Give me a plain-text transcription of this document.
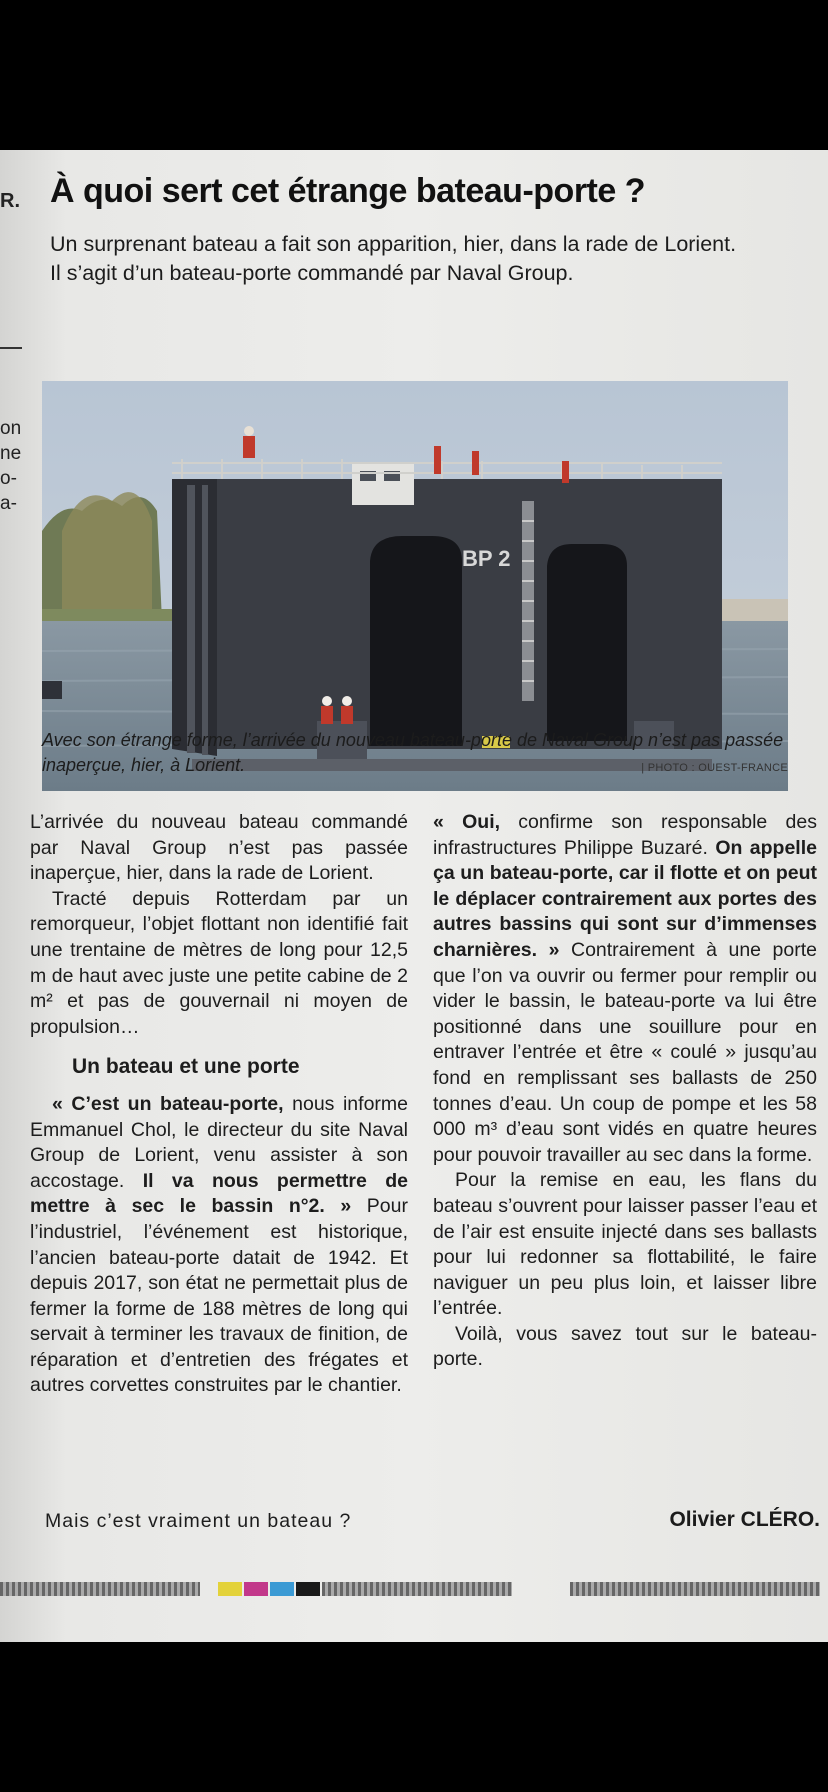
R.
on
ne
o-
a-
À quoi sert cet étrange bateau-porte ?

Un surprenant bateau a fait son apparition, hier, dans la rade de Lorient. Il s’agit d’un bateau-porte commandé par Naval Group.

BP 2
Avec son étrange forme, l’arrivée du nouveau bateau-porte de Naval Group n’est pas passée inaperçue, hier, à Lorient.	| PHOTO : OUEST-FRANCE

L’arrivée du nouveau bateau commandé par Naval Group n’est pas passée inaperçue, hier, dans la rade de Lorient.

Tracté depuis Rotterdam par un remorqueur, l’objet flottant non identifié fait une trentaine de mètres de long pour 12,5 m de haut avec juste une petite cabine de 2 m² et pas de gouvernail ni moyen de propulsion…

Un bateau et une porte

« C’est un bateau-porte, nous informe Emmanuel Chol, le directeur du site Naval Group de Lorient, venu assister à son accostage. Il va nous permettre de mettre à sec le bassin n°2. » Pour l’industriel, l’événement est historique, l’ancien bateau-porte datait de 1942. Et depuis 2017, son état ne permettait plus de fermer la forme de 188 mètres de long qui servait à terminer les travaux de finition, de réparation et d’entretien des frégates et autres corvettes construites par le chantier.

Mais c’est vraiment un bateau ?

« Oui, confirme son responsable des infrastructures Philippe Buzaré. On appelle ça un bateau-porte, car il flotte et on peut le déplacer contrairement aux portes des autres bassins qui sont sur d’immenses charnières. » Contrairement à une porte que l’on va ouvrir ou fermer pour remplir ou vider le bassin, le bateau-porte va lui être positionné dans une souillure pour en entraver l’entrée et être « coulé » jusqu’au fond en remplissant ses ballasts de 250 tonnes d’eau. Un coup de pompe et les 58 000 m³ d’eau sont vidés en quatre heures pour pouvoir travailler au sec dans la forme.

Pour la remise en eau, les flans du bateau s’ouvrent pour laisser passer l’eau et de l’air est ensuite injecté dans ses ballasts pour lui redonner sa flottabilité, le faire naviguer un peu plus loin, et laisser libre l’entrée.

Voilà, vous savez tout sur le bateau-porte.

Olivier CLÉRO.
